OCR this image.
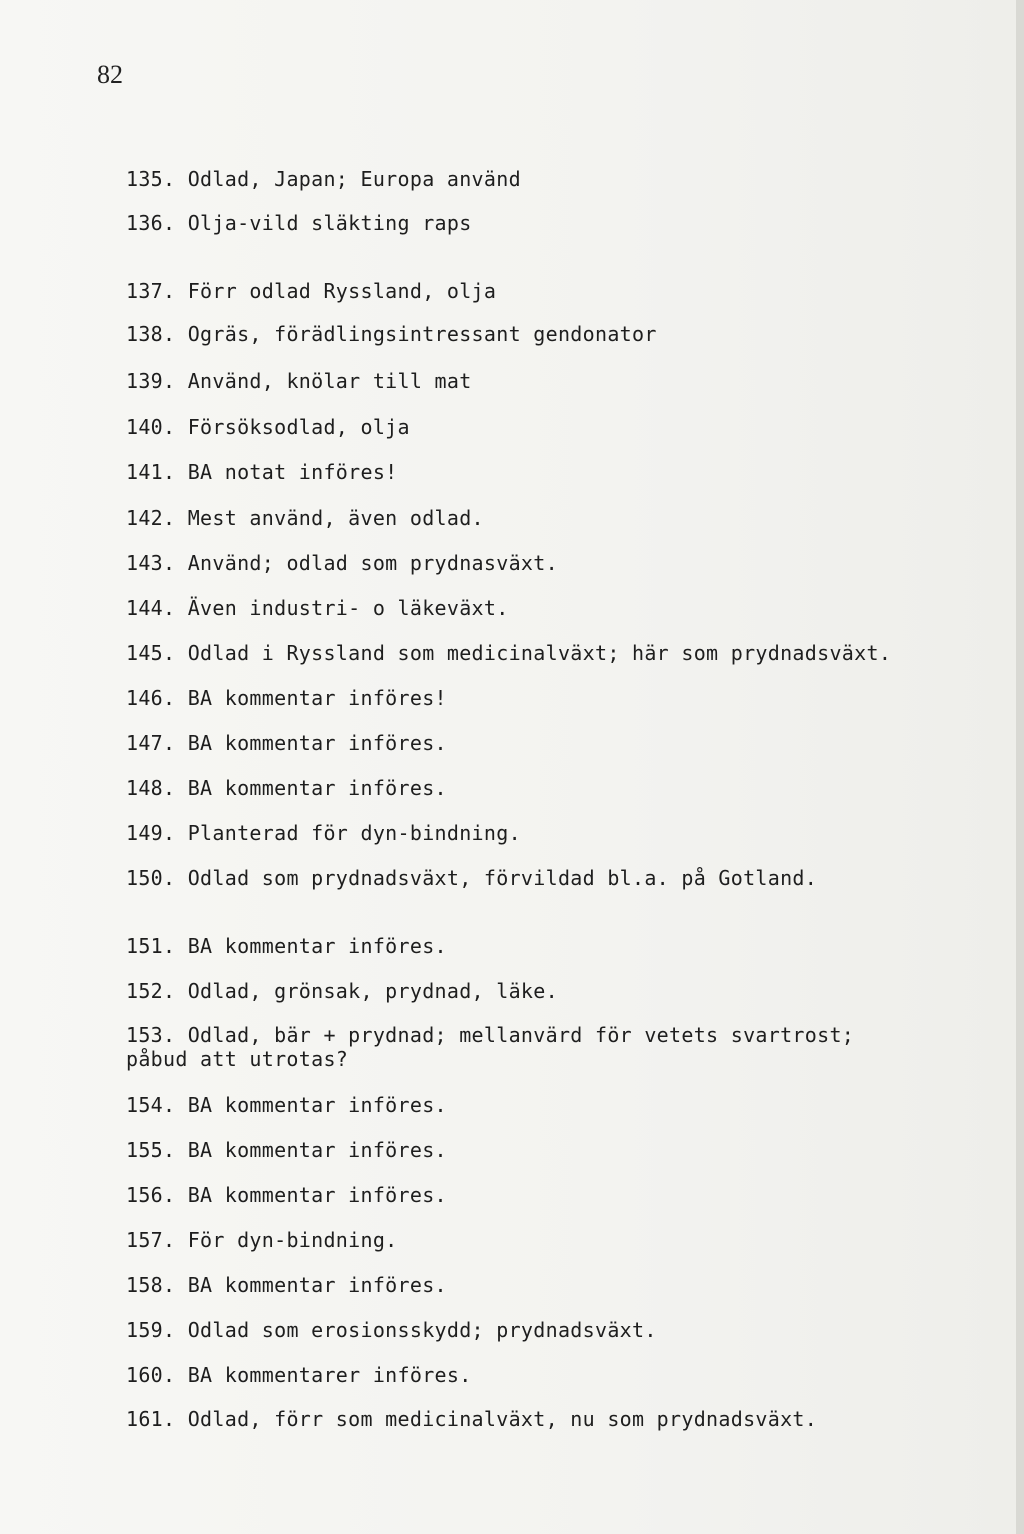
82
135. Odlad, Japan; Europa använd
136. Olja-vild släkting raps
137. Förr odlad Ryssland, olja
138. Ogräs, förädlingsintressant gendonator
139. Använd, knölar till mat
140. Försöksodlad, olja
141. BA notat införes!
142. Mest använd, även odlad.
143. Använd; odlad som prydnasväxt.
144. Även industri- o läkeväxt.
145. Odlad i Ryssland som medicinalväxt; här som prydnadsväxt.
146. BA kommentar införes!
147. BA kommentar införes.
148. BA kommentar införes.
149. Planterad för dyn-bindning.
150. Odlad som prydnadsväxt, förvildad bl.a. på Gotland.
151. BA kommentar införes.
152. Odlad, grönsak, prydnad, läke.
153. Odlad, bär + prydnad; mellanvärd för vetets svartrost;
påbud att utrotas?
154. BA kommentar införes.
155. BA kommentar införes.
156. BA kommentar införes.
157. För dyn-bindning.
158. BA kommentar införes.
159. Odlad som erosionsskydd; prydnadsväxt.
160. BA kommentarer införes.
161. Odlad, förr som medicinalväxt, nu som prydnadsväxt.
